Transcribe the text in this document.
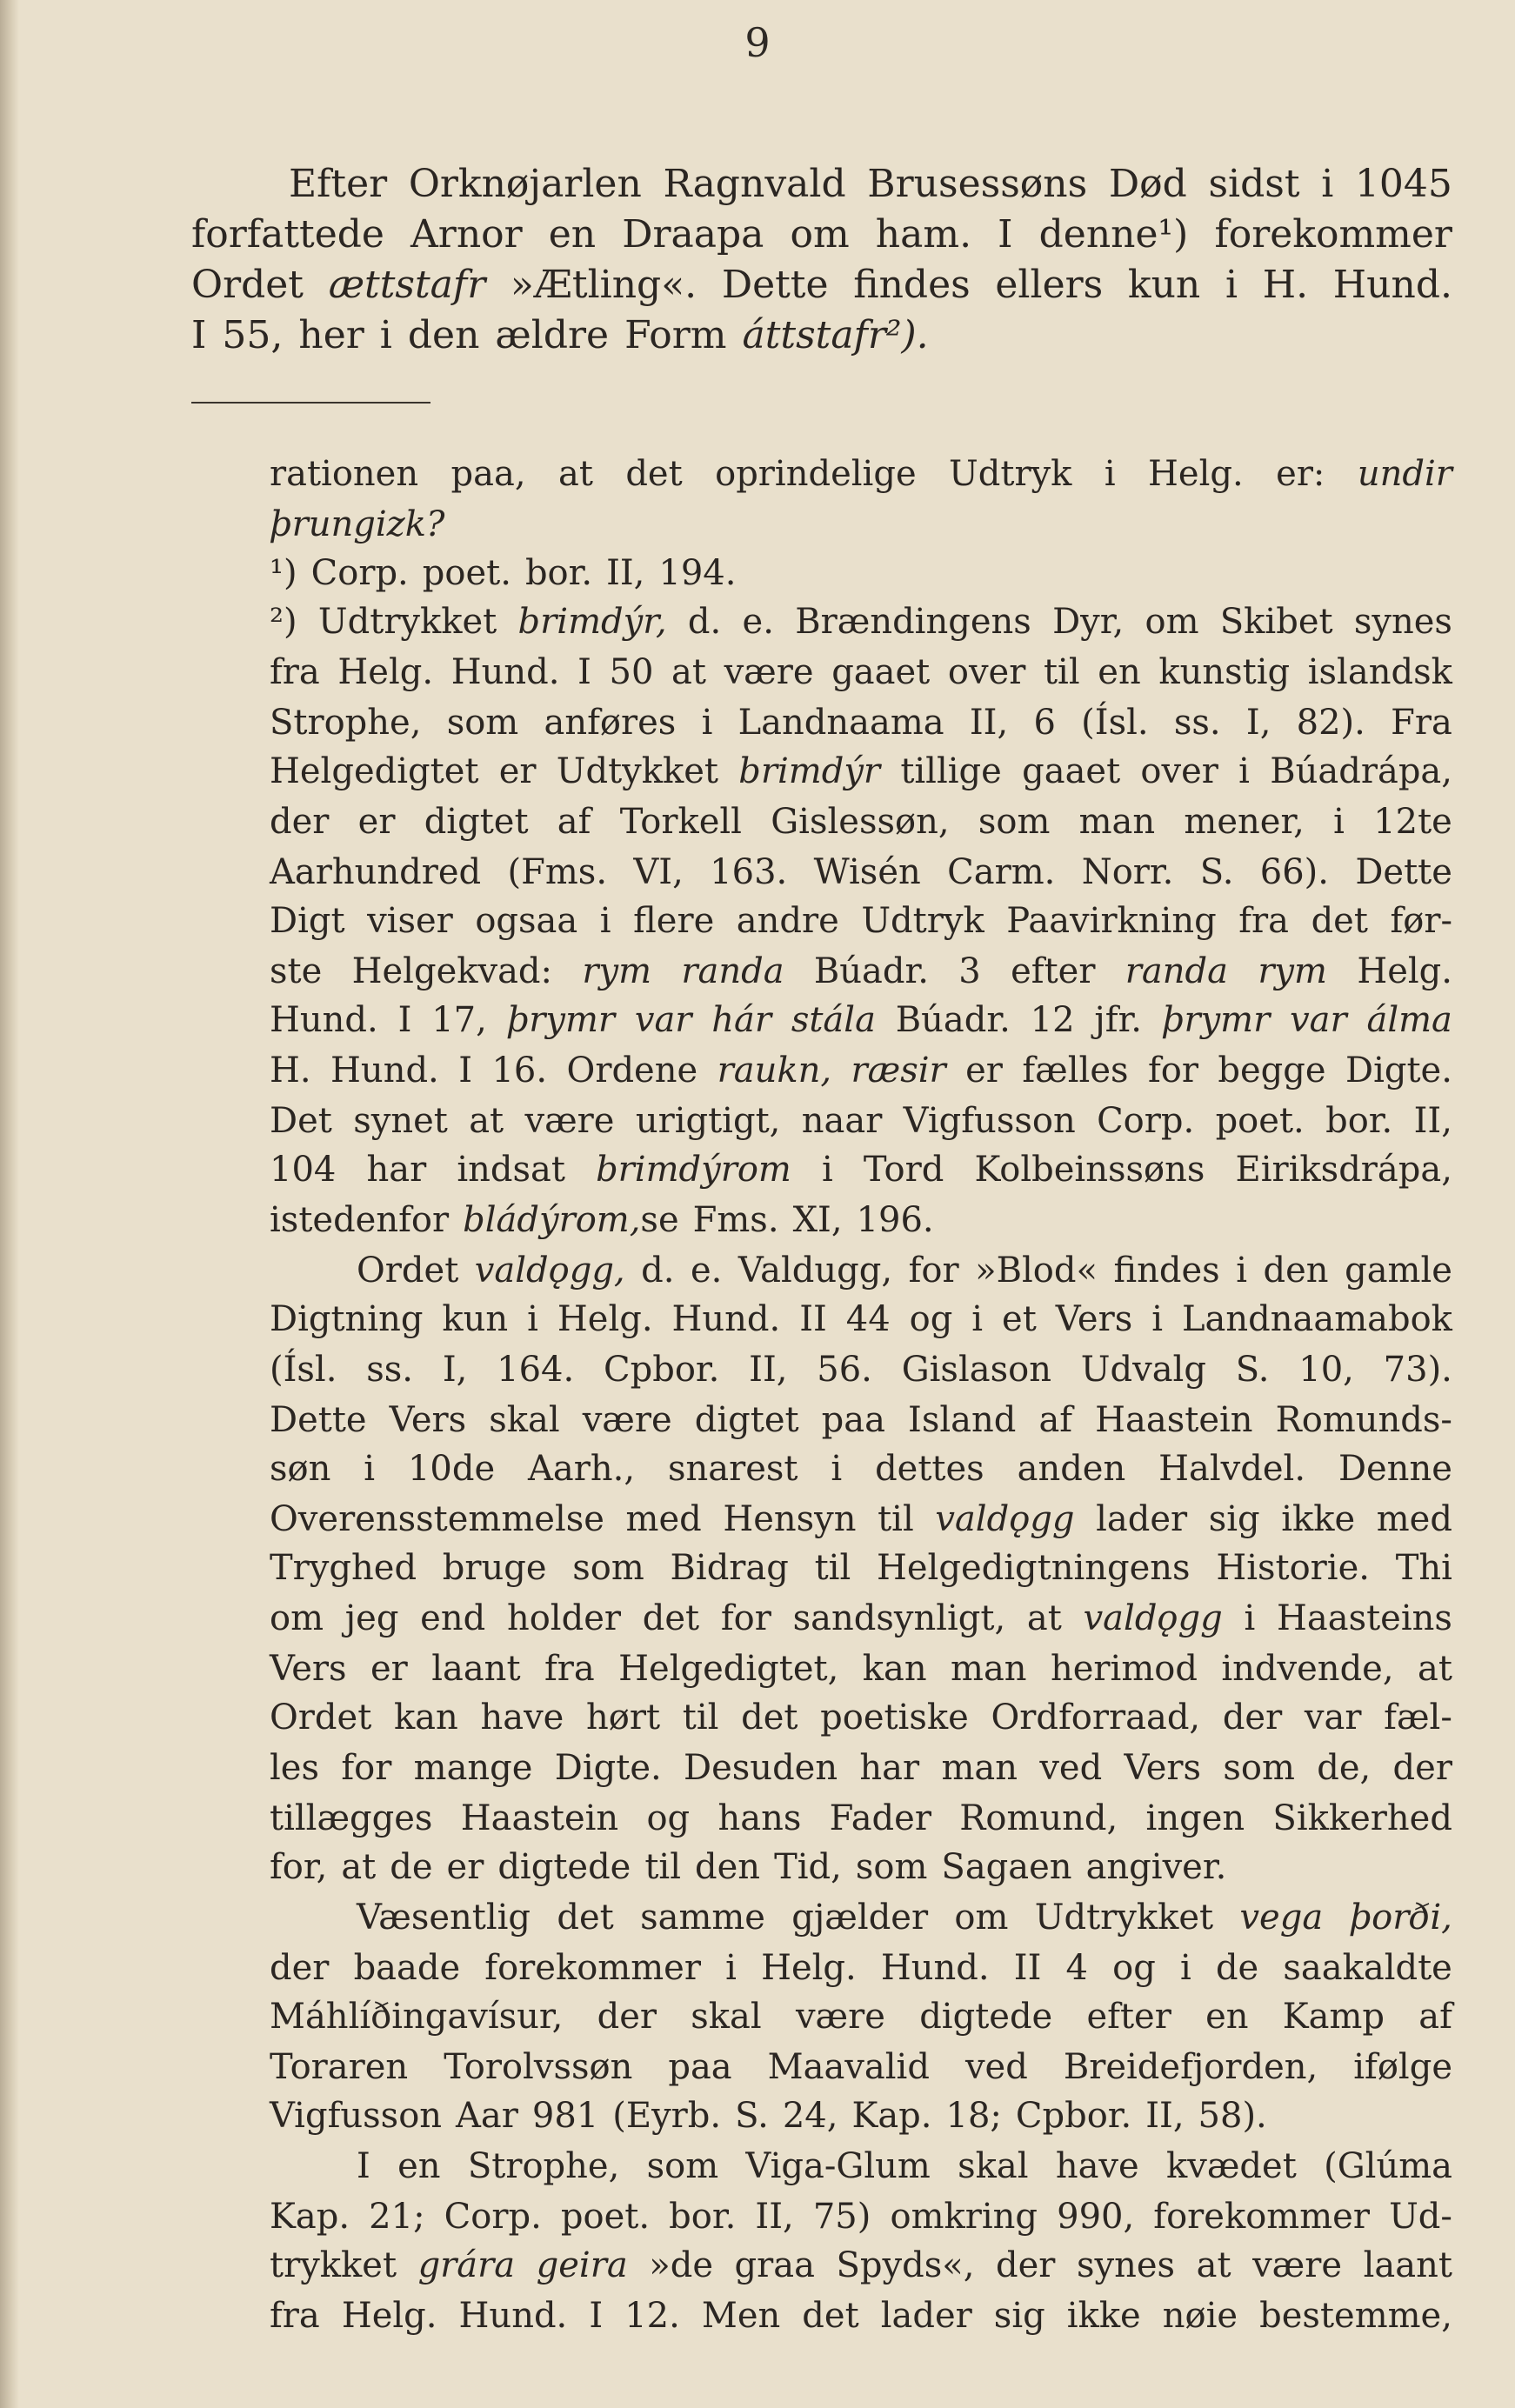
9
Efter Orknøjarlen Ragnvald Brusessøns Død sidst i 1045
forfattede Arnor en Draapa om ham. I denne¹) forekommer
Ordet ættstafr »Ætling«. Dette findes ellers kun i H. Hund.
I 55, her i den ældre Form áttstafr²).
rationen paa, at det oprindelige Udtryk i Helg. er: undir
þrungizk?
¹) Corp. poet. bor. II, 194.
²) Udtrykket brimdýr, d. e. Brændingens Dyr, om Skibet synes
fra Helg. Hund. I 50 at være gaaet over til en kunstig islandsk
Strophe, som anføres i Landnaama II, 6 (Ísl. ss. I, 82). Fra
Helgedigtet er Udtykket brimdýr tillige gaaet over i Búadrápa,
der er digtet af Torkell Gislessøn, som man mener, i 12te
Aarhundred (Fms. VI, 163. Wisén Carm. Norr. S. 66). Dette
Digt viser ogsaa i flere andre Udtryk Paavirkning fra det før-
ste Helgekvad: rym randa Búadr. 3 efter randa rym Helg.
Hund. I 17, þrymr var hár stála Búadr. 12 jfr. þrymr var álma
H. Hund. I 16. Ordene raukn, ræsir er fælles for begge Digte.
Det synet at være urigtigt, naar Vigfusson Corp. poet. bor. II,
104 har indsat brimdýrom i Tord Kolbeinssøns Eiriksdrápa,
istedenfor bládýrom, se Fms. XI, 196.
Ordet valdǫgg, d. e. Valdugg, for »Blod« findes i den gamle
Digtning kun i Helg. Hund. II 44 og i et Vers i Landnaamabok
(Ísl. ss. I, 164. Cpbor. II, 56. Gislason Udvalg S. 10, 73).
Dette Vers skal være digtet paa Island af Haastein Romunds-
søn i 10de Aarh., snarest i dettes anden Halvdel. Denne
Overensstemmelse med Hensyn til valdǫgg lader sig ikke med
Tryghed bruge som Bidrag til Helgedigtningens Historie. Thi
om jeg end holder det for sandsynligt, at valdǫgg i Haasteins
Vers er laant fra Helgedigtet, kan man herimod indvende, at
Ordet kan have hørt til det poetiske Ordforraad, der var fæl-
les for mange Digte. Desuden har man ved Vers som de, der
tillægges Haastein og hans Fader Romund, ingen Sikkerhed
for, at de er digtede til den Tid, som Sagaen angiver.
Væsentlig det samme gjælder om Udtrykket vega þorði,
der baade forekommer i Helg. Hund. II 4 og i de saakaldte
Máhlíðingavísur, der skal være digtede efter en Kamp af
Toraren Torolvssøn paa Maavalid ved Breidefjorden, ifølge
Vigfusson Aar 981 (Eyrb. S. 24, Kap. 18; Cpbor. II, 58).
I en Strophe, som Viga-Glum skal have kvædet (Glúma
Kap. 21; Corp. poet. bor. II, 75) omkring 990, forekommer Ud-
trykket grára geira »de graa Spyds«, der synes at være laant
fra Helg. Hund. I 12. Men det lader sig ikke nøie bestemme,
